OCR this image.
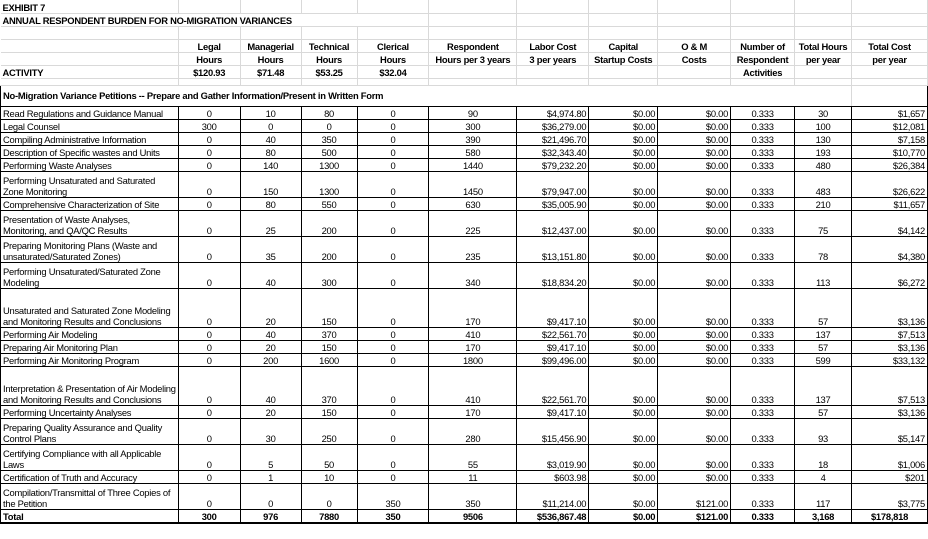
EXHIBIT 7											
ANNUAL RESPONDENT BURDEN FOR NO-MIGRATION VARIANCES											

	Legal	Managerial	Technical	Clerical	Respondent	Labor Cost	Capital	O & M	Number of	Total Hours	Total Cost
	Hours	Hours	Hours	Hours	Hours per 3 years	3 per years	Startup Costs	Costs	Respondent	per year	per year
ACTIVITY	$120.93	$71.48	$53.25	$32.04					Activities		

No-Migration Variance Petitions -- Prepare and Gather Information/Present in Written Form											
Read Regulations and Guidance Manual	0	10	80	0	90	$4,974.80	$0.00	$0.00	0.333	30	$1,657
Legal Counsel	300	0	0	0	300	$36,279.00	$0.00	$0.00	0.333	100	$12,081
Compiling Administrative Information	0	40	350	0	390	$21,496.70	$0.00	$0.00	0.333	130	$7,158
Description of Specific wastes and Units	0	80	500	0	580	$32,343.40	$0.00	$0.00	0.333	193	$10,770
Performing Waste Analyses	0	140	1300	0	1440	$79,232.20	$0.00	$0.00	0.333	480	$26,384
Performing Unsaturated and Saturated Zone Monitoring	0	150	1300	0	1450	$79,947.00	$0.00	$0.00	0.333	483	$26,622
Comprehensive Characterization of Site	0	80	550	0	630	$35,005.90	$0.00	$0.00	0.333	210	$11,657
Presentation of Waste Analyses, Monitoring, and QA/QC Results	0	25	200	0	225	$12,437.00	$0.00	$0.00	0.333	75	$4,142
Preparing Monitoring Plans (Waste and unsaturated/Saturated Zones)	0	35	200	0	235	$13,151.80	$0.00	$0.00	0.333	78	$4,380
Performing Unsaturated/Saturated Zone Modeling	0	40	300	0	340	$18,834.20	$0.00	$0.00	0.333	113	$6,272
Unsaturated and Saturated Zone Modeling and Monitoring Results and Conclusions	0	20	150	0	170	$9,417.10	$0.00	$0.00	0.333	57	$3,136
Performing Air Modeling	0	40	370	0	410	$22,561.70	$0.00	$0.00	0.333	137	$7,513
Preparing Air Monitoring Plan	0	20	150	0	170	$9,417.10	$0.00	$0.00	0.333	57	$3,136
Performing Air Monitoring Program	0	200	1600	0	1800	$99,496.00	$0.00	$0.00	0.333	599	$33,132
Interpretation & Presentation of Air Modeling and Monitoring Results and Conclusions	0	40	370	0	410	$22,561.70	$0.00	$0.00	0.333	137	$7,513
Performing Uncertainty Analyses	0	20	150	0	170	$9,417.10	$0.00	$0.00	0.333	57	$3,136
Preparing Quality Assurance and Quality Control Plans	0	30	250	0	280	$15,456.90	$0.00	$0.00	0.333	93	$5,147
Certifying Compliance with all Applicable Laws	0	5	50	0	55	$3,019.90	$0.00	$0.00	0.333	18	$1,006
Certification of Truth and Accuracy	0	1	10	0	11	$603.98	$0.00	$0.00	0.333	4	$201
Compilation/Transmittal of Three Copies of the Petition	0	0	0	350	350	$11,214.00	$0.00	$121.00	0.333	117	$3,775
Total	300	976	7880	350	9506	$536,867.48	$0.00	$121.00	0.333	3,168	$178,818
